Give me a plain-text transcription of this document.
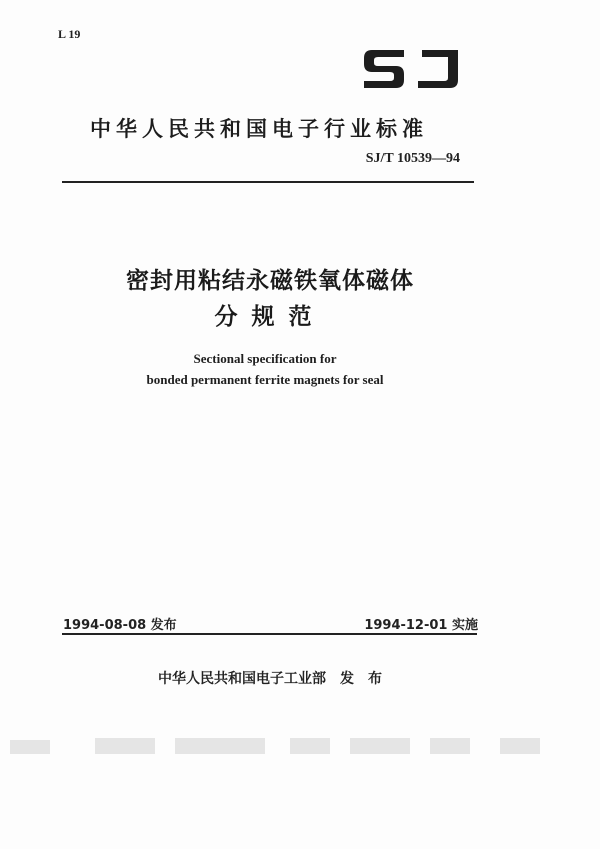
L 19
中华人民共和国电子行业标准
SJ/T 10539—94
密封用粘结永磁铁氧体磁体
分规范
Sectional specification for
bonded permanent ferrite magnets for seal
1994-08-08 发布	1994-12-01 实施
中华人民共和国电子工业部　发　布
